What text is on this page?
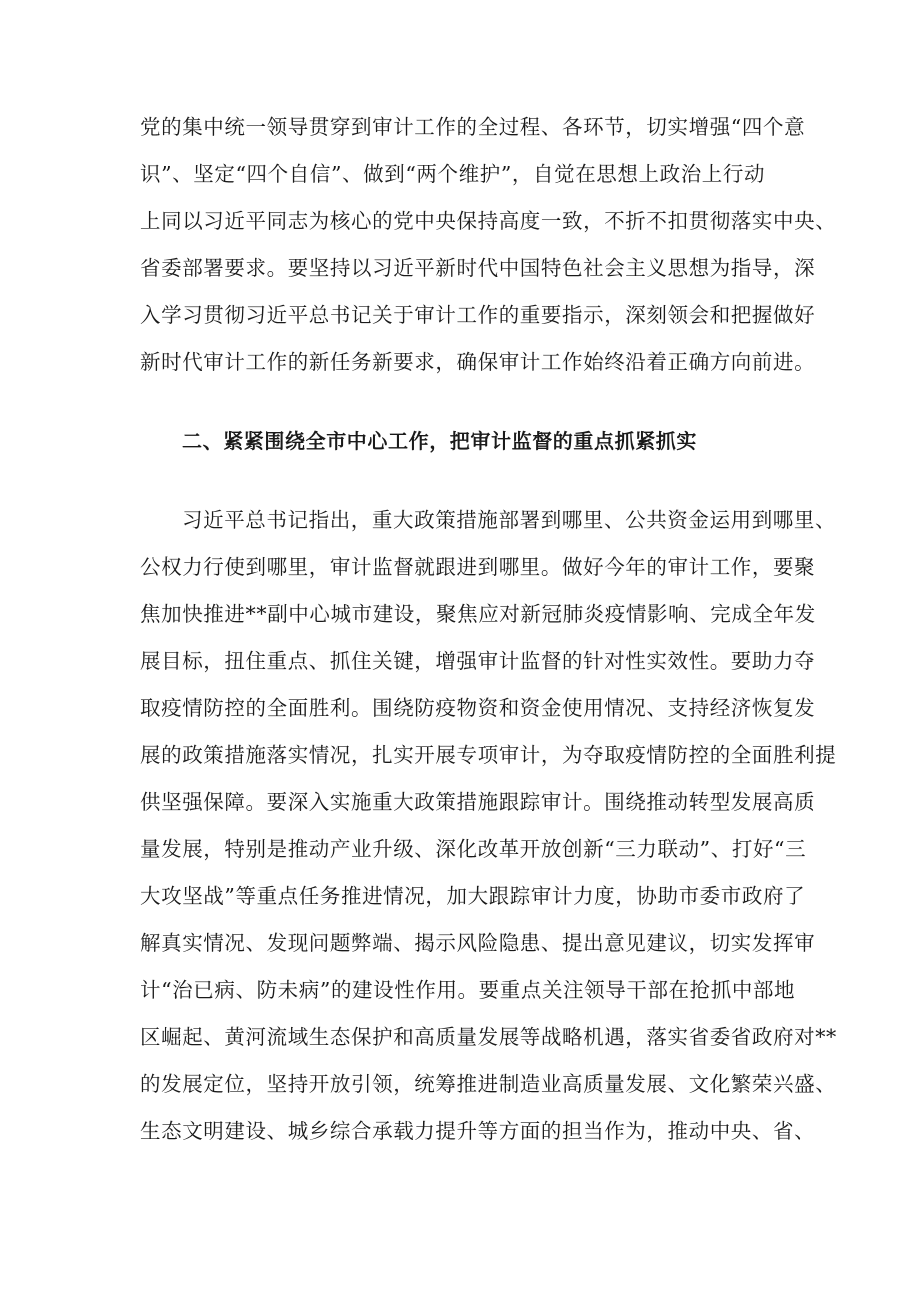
党的集中统一领导贯穿到审计工作的全过程、各环节，切实增强“四个意
识”、坚定“四个自信”、做到“两个维护”，自觉在思想上政治上行动
上同以习近平同志为核心的党中央保持高度一致，不折不扣贯彻落实中央、
省委部署要求。要坚持以习近平新时代中国特色社会主义思想为指导，深
入学习贯彻习近平总书记关于审计工作的重要指示，深刻领会和把握做好
新时代审计工作的新任务新要求，确保审计工作始终沿着正确方向前进。

二、紧紧围绕全市中心工作，把审计监督的重点抓紧抓实

习近平总书记指出，重大政策措施部署到哪里、公共资金运用到哪里、
公权力行使到哪里，审计监督就跟进到哪里。做好今年的审计工作，要聚
焦加快推进**副中心城市建设，聚焦应对新冠肺炎疫情影响、完成全年发
展目标，扭住重点、抓住关键，增强审计监督的针对性实效性。要助力夺
取疫情防控的全面胜利。围绕防疫物资和资金使用情况、支持经济恢复发
展的政策措施落实情况，扎实开展专项审计，为夺取疫情防控的全面胜利提
供坚强保障。要深入实施重大政策措施跟踪审计。围绕推动转型发展高质
量发展，特别是推动产业升级、深化改革开放创新“三力联动”、打好“三
大攻坚战”等重点任务推进情况，加大跟踪审计力度，协助市委市政府了
解真实情况、发现问题弊端、揭示风险隐患、提出意见建议，切实发挥审
计“治已病、防未病”的建设性作用。要重点关注领导干部在抢抓中部地
区崛起、黄河流域生态保护和高质量发展等战略机遇，落实省委省政府对**
的发展定位，坚持开放引领，统筹推进制造业高质量发展、文化繁荣兴盛、
生态文明建设、城乡综合承载力提升等方面的担当作为，推动中央、省、
